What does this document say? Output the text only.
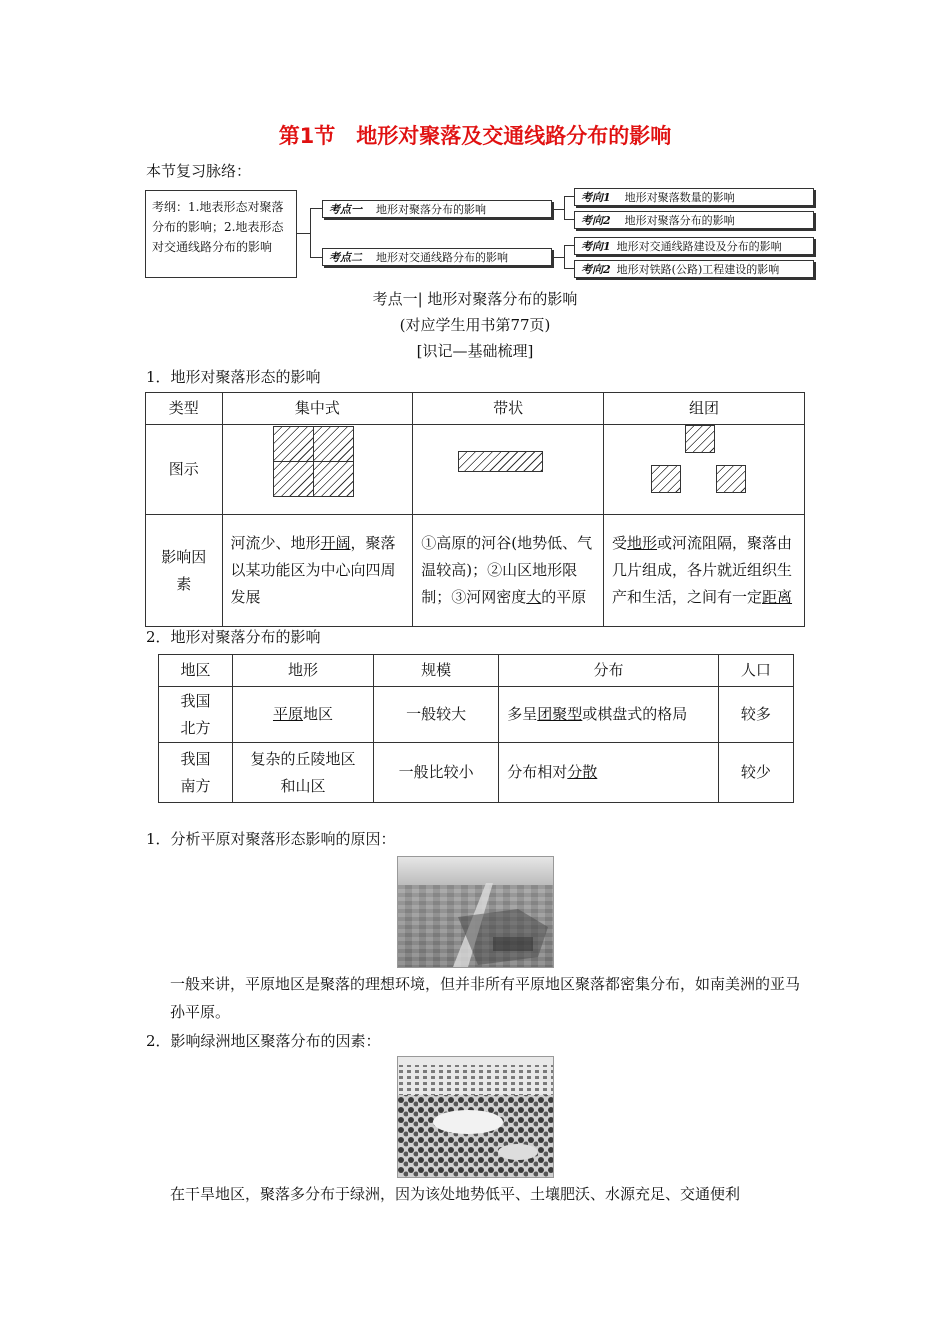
第1节　地形对聚落及交通线路分布的影响
本节复习脉络：
考纲：1.地表形态对聚落分布的影响；2.地表形态对交通线路分布的影响
考点一 地形对聚落分布的影响
考点二 地形对交通线路分布的影响
考向1 地形对聚落数量的影响
考向2 地形对聚落分布的影响
考向1 地形对交通线路建设及分布的影响
考向2 地形对铁路(公路)工程建设的影响
考点一| 地形对聚落分布的影响
(对应学生用书第77页)
[识记—基础梳理]
1．地形对聚落形态的影响
类型	集中式	带状	组团
图示			
影响因素	河流少、地形开阔，聚落以某功能区为中心向四周发展	①高原的河谷(地势低、气温较高)；②山区地形限制；③河网密度大的平原	受地形或河流阻隔，聚落由几片组成，各片就近组织生产和生活，之间有一定距离
2．地形对聚落分布的影响
地区	地形	规模	分布	人口
我国北方	平原地区	一般较大	多呈团聚型或棋盘式的格局	较多
我国南方	复杂的丘陵地区和山区	一般比较小	分布相对分散	较少
1．分析平原对聚落形态影响的原因：
一般来讲，平原地区是聚落的理想环境，但并非所有平原地区聚落都密集分布，如南美洲的亚马孙平原。
2．影响绿洲地区聚落分布的因素：
在干旱地区，聚落多分布于绿洲，因为该处地势低平、土壤肥沃、水源充足、交通便利
